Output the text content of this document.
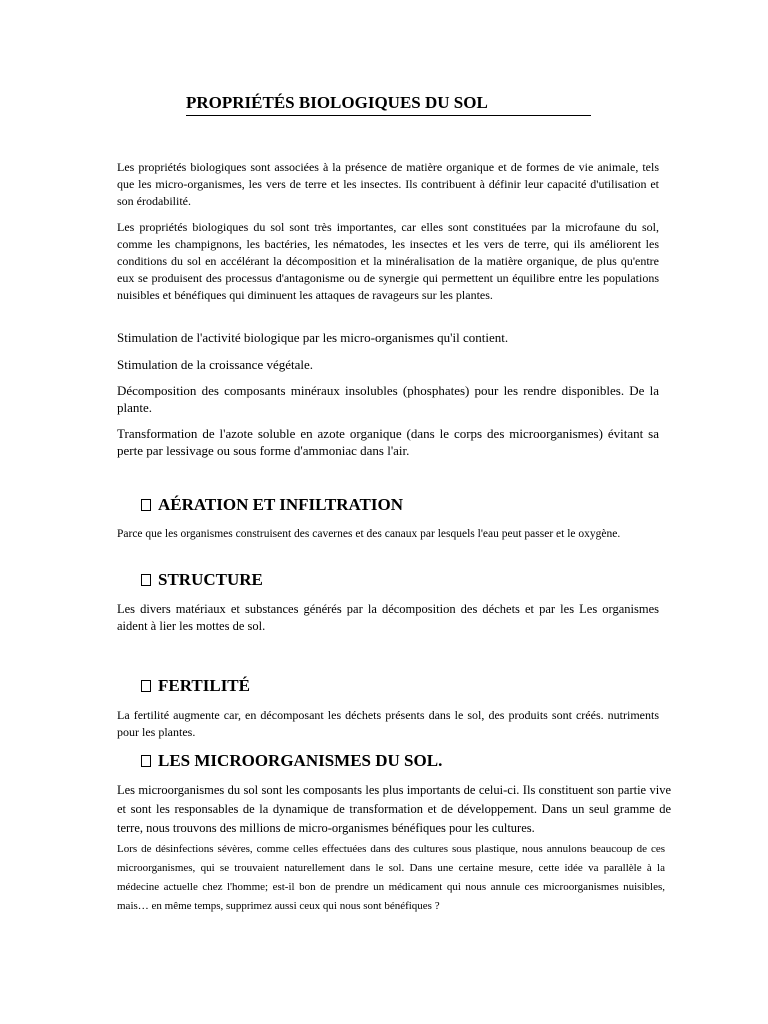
PROPRIÉTÉS BIOLOGIQUES DU SOL

Les propriétés biologiques sont associées à la présence de matière organique et de formes de vie animale, tels que les micro-organismes, les vers de terre et les insectes. Ils contribuent à définir leur capacité d'utilisation et son érodabilité.

Les propriétés biologiques du sol sont très importantes, car elles sont constituées par la microfaune du sol, comme les champignons, les bactéries, les nématodes, les insectes et les vers de terre, qui ils améliorent les conditions du sol en accélérant la décomposition et la minéralisation de la matière organique, de plus qu'entre eux se produisent des processus d'antagonisme ou de synergie qui permettent un équilibre entre les populations nuisibles et bénéfiques qui diminuent les attaques de ravageurs sur les plantes.

Stimulation de l'activité biologique par les micro-organismes qu'il contient.

Stimulation de la croissance végétale.

Décomposition des composants minéraux insolubles (phosphates) pour les rendre disponibles. De la plante.

Transformation de l'azote soluble en azote organique (dans le corps des microorganismes) évitant sa perte par lessivage ou sous forme d'ammoniac dans l'air.

AÉRATION ET INFILTRATION

Parce que les organismes construisent des cavernes et des canaux par lesquels l'eau peut passer et le oxygène.

STRUCTURE

Les divers matériaux et substances générés par la décomposition des déchets et par les Les organismes aident à lier les mottes de sol.

FERTILITÉ

La fertilité augmente car, en décomposant les déchets présents dans le sol, des produits sont créés. nutriments pour les plantes.

LES MICROORGANISMES DU SOL.

Les microorganismes du sol sont les composants les plus importants de celui-ci. Ils constituent son partie vive et sont les responsables de la dynamique de transformation et de développement. Dans un seul gramme de terre, nous trouvons des millions de micro-organismes bénéfiques pour les cultures.

Lors de désinfections sévères, comme celles effectuées dans des cultures sous plastique, nous annulons beaucoup de ces microorganismes, qui se trouvaient naturellement dans le sol. Dans une certaine mesure, cette idée va parallèle à la médecine actuelle chez l'homme; est-il bon de prendre un médicament qui nous annule ces microorganismes nuisibles, mais… en même temps, supprimez aussi ceux qui nous sont bénéfiques ?
